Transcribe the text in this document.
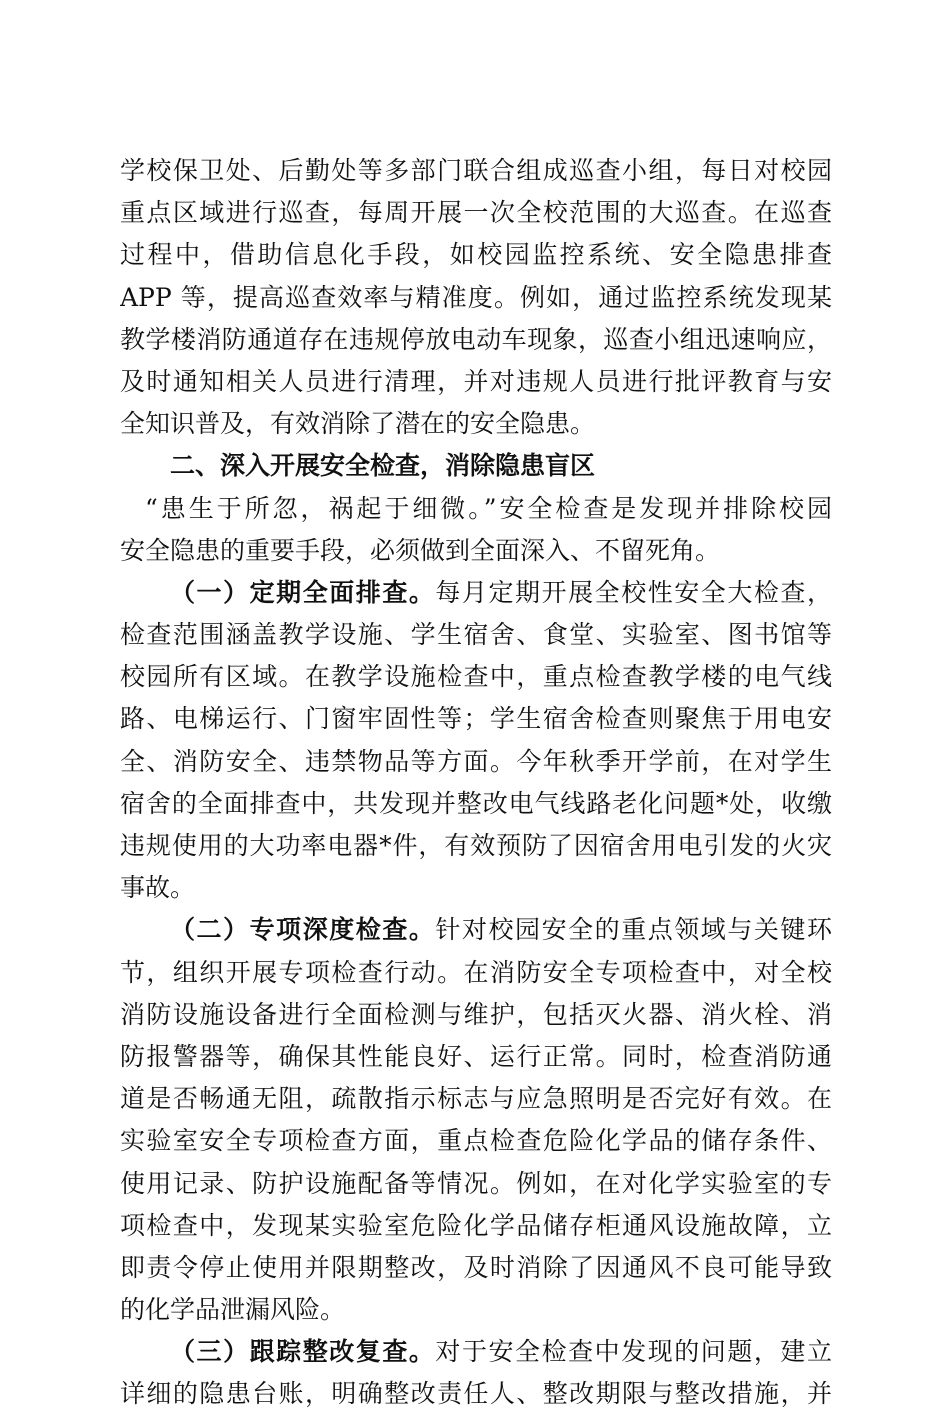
学校保卫处、后勤处等多部门联合组成巡查小组，每日对校园
重点区域进行巡查，每周开展一次全校范围的大巡查。在巡查
过程中，借助信息化手段，如校园监控系统、安全隐患排查
APP 等，提高巡查效率与精准度。例如，通过监控系统发现某
教学楼消防通道存在违规停放电动车现象，巡查小组迅速响应，
及时通知相关人员进行清理，并对违规人员进行批评教育与安
全知识普及，有效消除了潜在的安全隐患。
二、深入开展安全检查，消除隐患盲区
“患生于所忽，祸起于细微。”安全检查是发现并排除校园
安全隐患的重要手段，必须做到全面深入、不留死角。
（一）定期全面排查。每月定期开展全校性安全大检查，
检查范围涵盖教学设施、学生宿舍、食堂、实验室、图书馆等
校园所有区域。在教学设施检查中，重点检查教学楼的电气线
路、电梯运行、门窗牢固性等；学生宿舍检查则聚焦于用电安
全、消防安全、违禁物品等方面。今年秋季开学前，在对学生
宿舍的全面排查中，共发现并整改电气线路老化问题*处，收缴
违规使用的大功率电器*件，有效预防了因宿舍用电引发的火灾
事故。
（二）专项深度检查。针对校园安全的重点领域与关键环
节，组织开展专项检查行动。在消防安全专项检查中，对全校
消防设施设备进行全面检测与维护，包括灭火器、消火栓、消
防报警器等，确保其性能良好、运行正常。同时，检查消防通
道是否畅通无阻，疏散指示标志与应急照明是否完好有效。在
实验室安全专项检查方面，重点检查危险化学品的储存条件、
使用记录、防护设施配备等情况。例如，在对化学实验室的专
项检查中，发现某实验室危险化学品储存柜通风设施故障，立
即责令停止使用并限期整改，及时消除了因通风不良可能导致
的化学品泄漏风险。
（三）跟踪整改复查。对于安全检查中发现的问题，建立
详细的隐患台账，明确整改责任人、整改期限与整改措施，并
